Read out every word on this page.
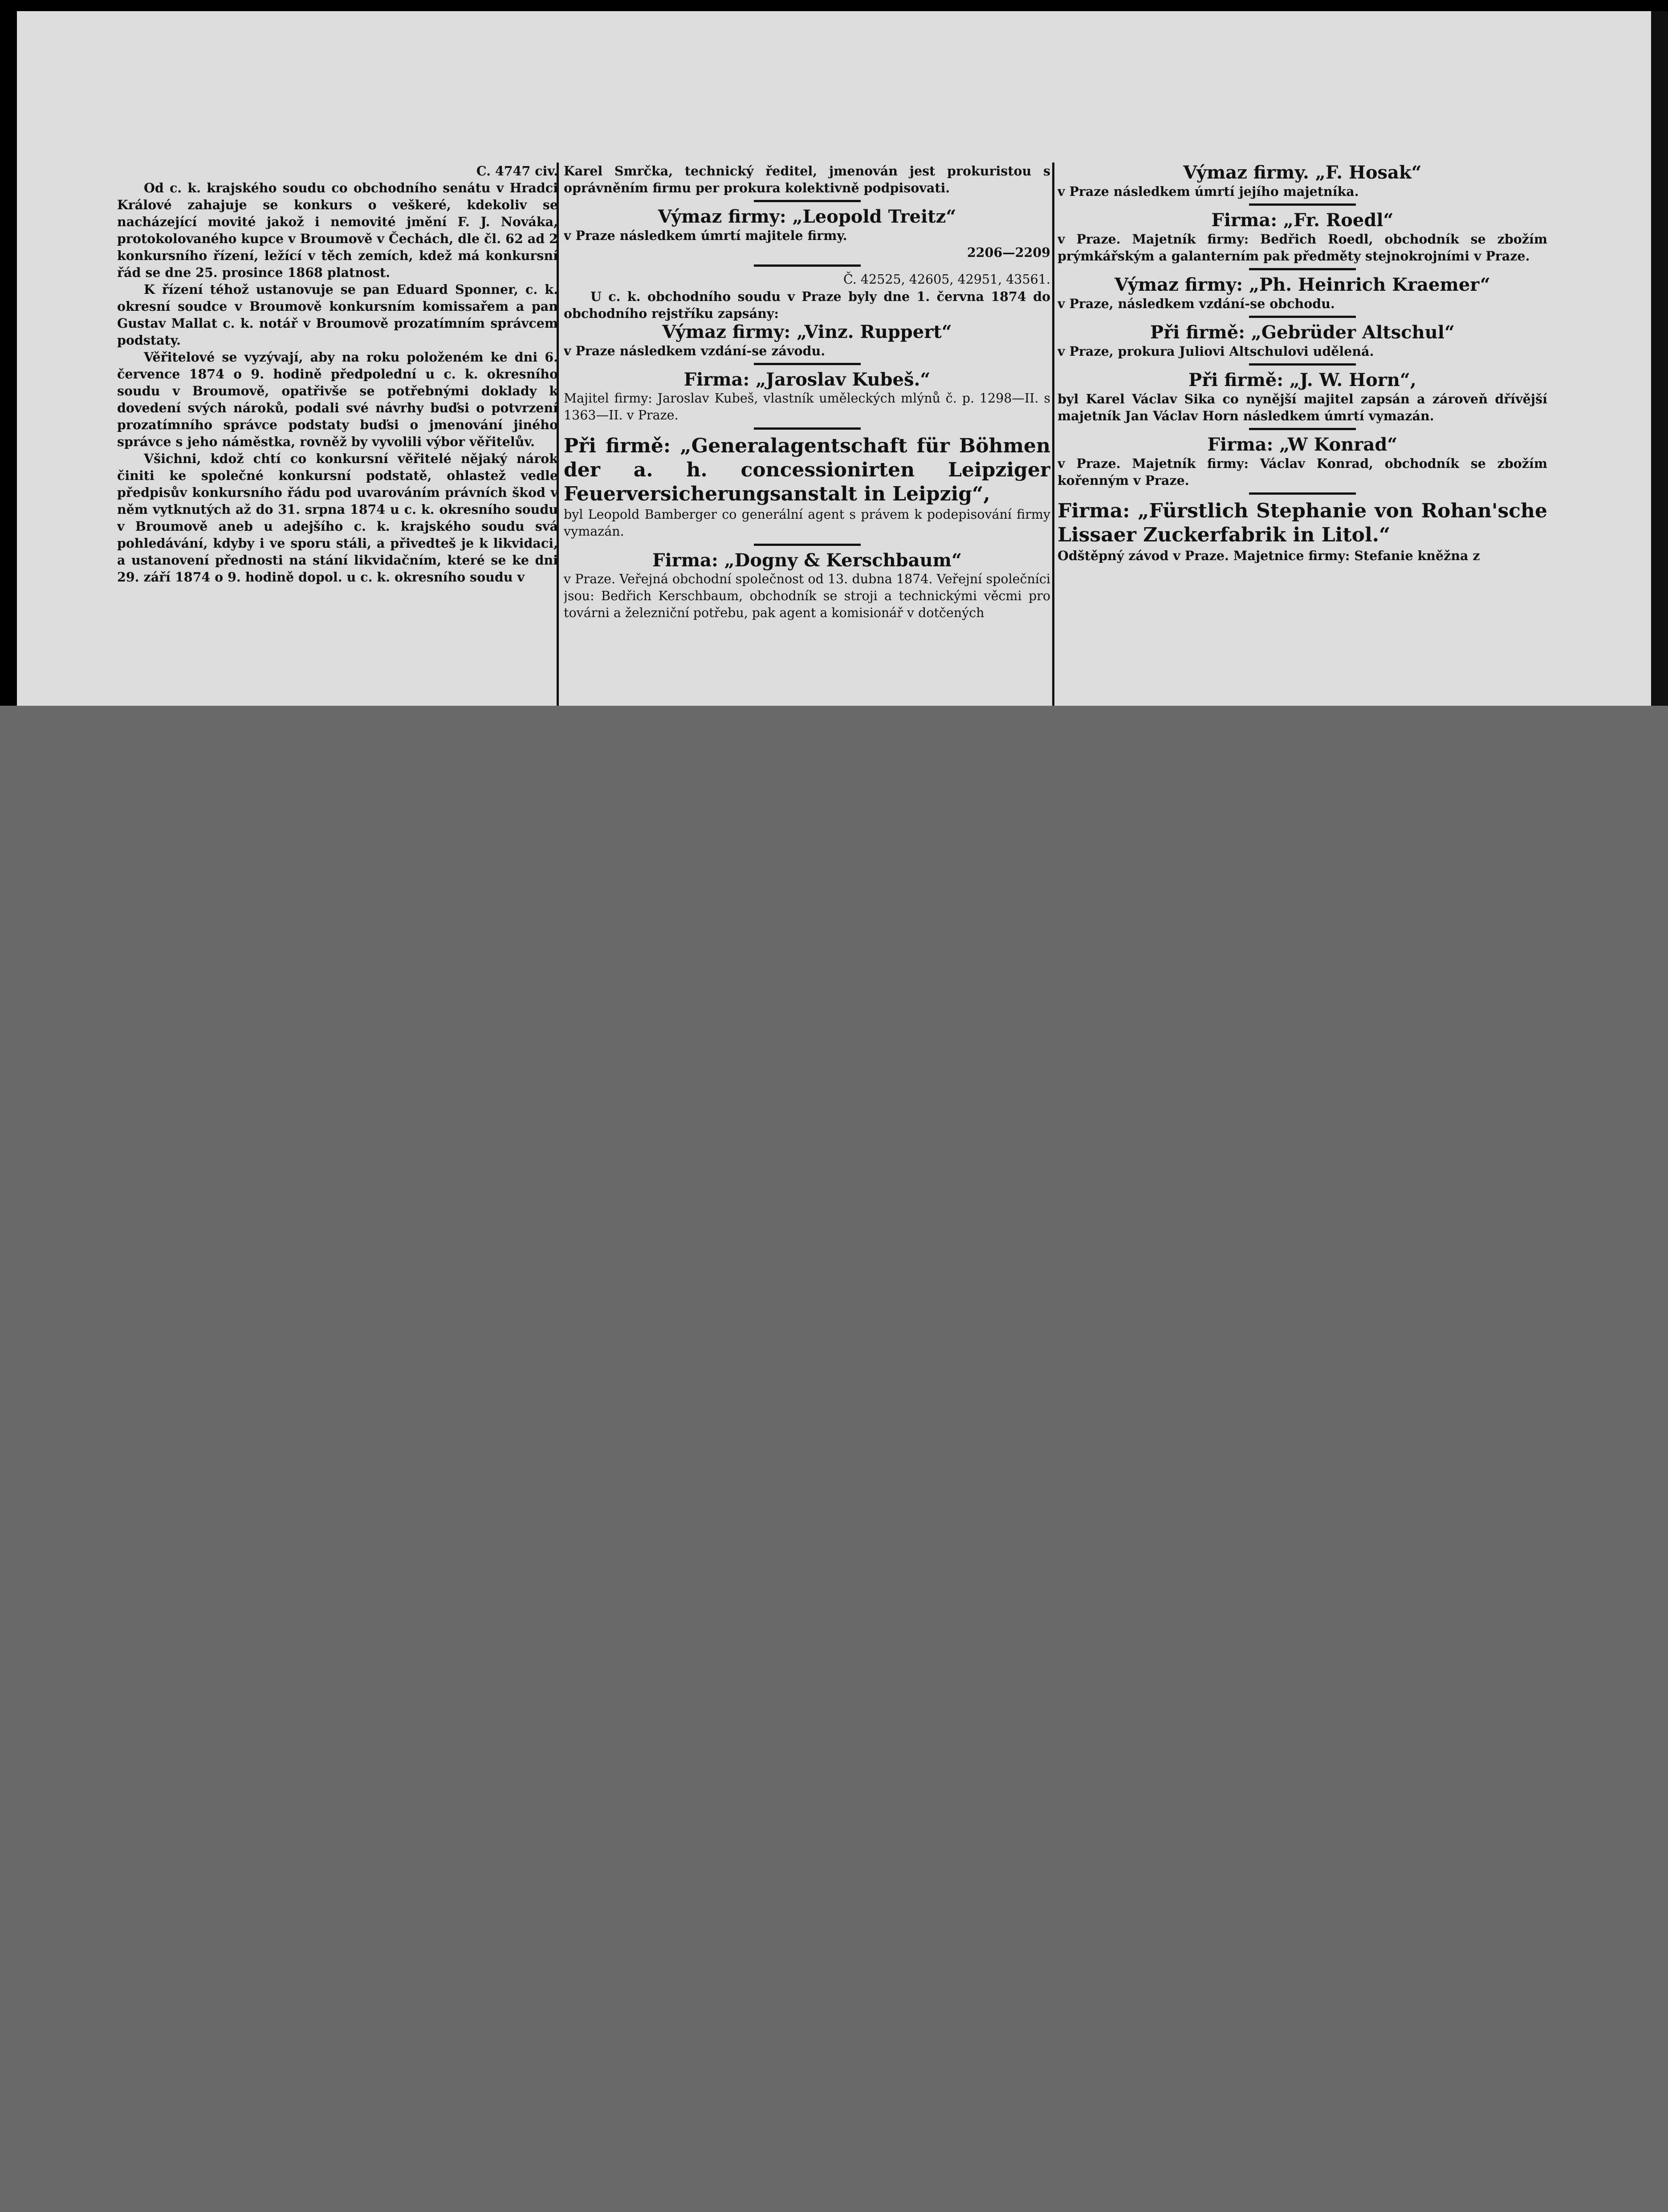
C. 4747 civ.

Od c. k. krajského soudu co obchodního senátu v Hradci Králové zahajuje se konkurs o veškeré, kdekoliv se nacházející movité jakož i nemovité jmění F. J. Nováka, protokolovaného kupce v Broumově v Čechách, dle čl. 62 ad 2 konkursního řízení, ležící v těch zemích, kdež má konkursní řád se dne 25. prosince 1868 platnost.

K řízení téhož ustanovuje se pan Eduard Sponner, c. k. okresní soudce v Broumově konkursním komissařem a pan Gustav Mallat c. k. notář v Broumově prozatímním správcem podstaty.

Věřitelové se vyzývají, aby na roku položeném ke dni 6. července 1874 o 9. hodině předpolední u c. k. okresního soudu v Broumově, opatřivše se potřebnými doklady k dovedení svých nároků, podali své návrhy buďsi o potvrzení prozatímního správce podstaty buďsi o jmenování jiného správce s jeho náměstka, rovněž by vyvolili výbor věřitelův.

Všichni, kdož chtí co konkursní věřitelé nějaký nárok činiti ke společné konkursní podstatě, ohlastež vedle předpisův konkursního řádu pod uvarováním právních škod v něm vytknutých až do 31. srpna 1874 u c. k. okresního soudu v Broumově aneb u adejšího c. k. krajského soudu svá pohledávání, kdyby i ve sporu stáli, a přivedteš je k likvidaci, a ustanovení přednosti na stání likvidačním, které se ke dni 29. září 1874 o 9. hodině dopol. u c. k. okresního soudu v

Karel Smrčka, technický ředitel, jmenován jest prokuristou s oprávněním firmu per prokura kolektivně podpisovati.

Výmaz firmy: „Leopold Treitz“

v Praze následkem úmrtí majitele firmy.

2206—2209

Č. 42525, 42605, 42951, 43561.

U c. k. obchodního soudu v Praze byly dne 1. června 1874 do obchodního rejstříku zapsány:

Výmaz firmy: „Vinz. Ruppert“

v Praze následkem vzdání-se závodu.

Firma: „Jaroslav Kubeš.“

Majitel firmy: Jaroslav Kubeš, vlastník uměleckých mlýnů č. p. 1298—II. s 1363—II. v Praze.

Při firmě: „Generalagentschaft für Böhmen der a. h. concessionirten Leipziger Feuerversicherungsanstalt in Leipzig“,

byl Leopold Bamberger co generální agent s právem k podepisování firmy vymazán.

Firma: „Dogny & Kerschbaum“

v Praze. Veřejná obchodní společnost od 13. dubna 1874. Veřejní společníci jsou: Bedřich Kerschbaum, obchodník se stroji a technickými věcmi pro továrni a železniční potřebu, pak agent a komisionář v dotčených

Výmaz firmy. „F. Hosak“

v Praze následkem úmrtí jejího majetníka.

Firma: „Fr. Roedl“

v Praze. Majetník firmy: Bedřich Roedl, obchodník se zbožím prýmkářským a galanterním pak předměty stejnokrojními v Praze.

Výmaz firmy: „Ph. Heinrich Kraemer“

v Praze, následkem vzdání-se obchodu.

Při firmě: „Gebrüder Altschul“

v Praze, prokura Juliovi Altschulovi udělená.

Při firmě: „J. W. Horn“,

byl Karel Václav Sika co nynější majitel zapsán a zároveň dřívější majetník Jan Václav Horn následkem úmrtí vymazán.

Firma: „W Konrad“

v Praze. Majetník firmy: Václav Konrad, obchodník se zbožím kořenným v Praze.

Firma: „Fürstlich Stephanie von Rohan'sche Lissaer Zuckerfabrik in Litol.“

Odštěpný závod v Praze. Majetnice firmy: Stefanie kněžna z
